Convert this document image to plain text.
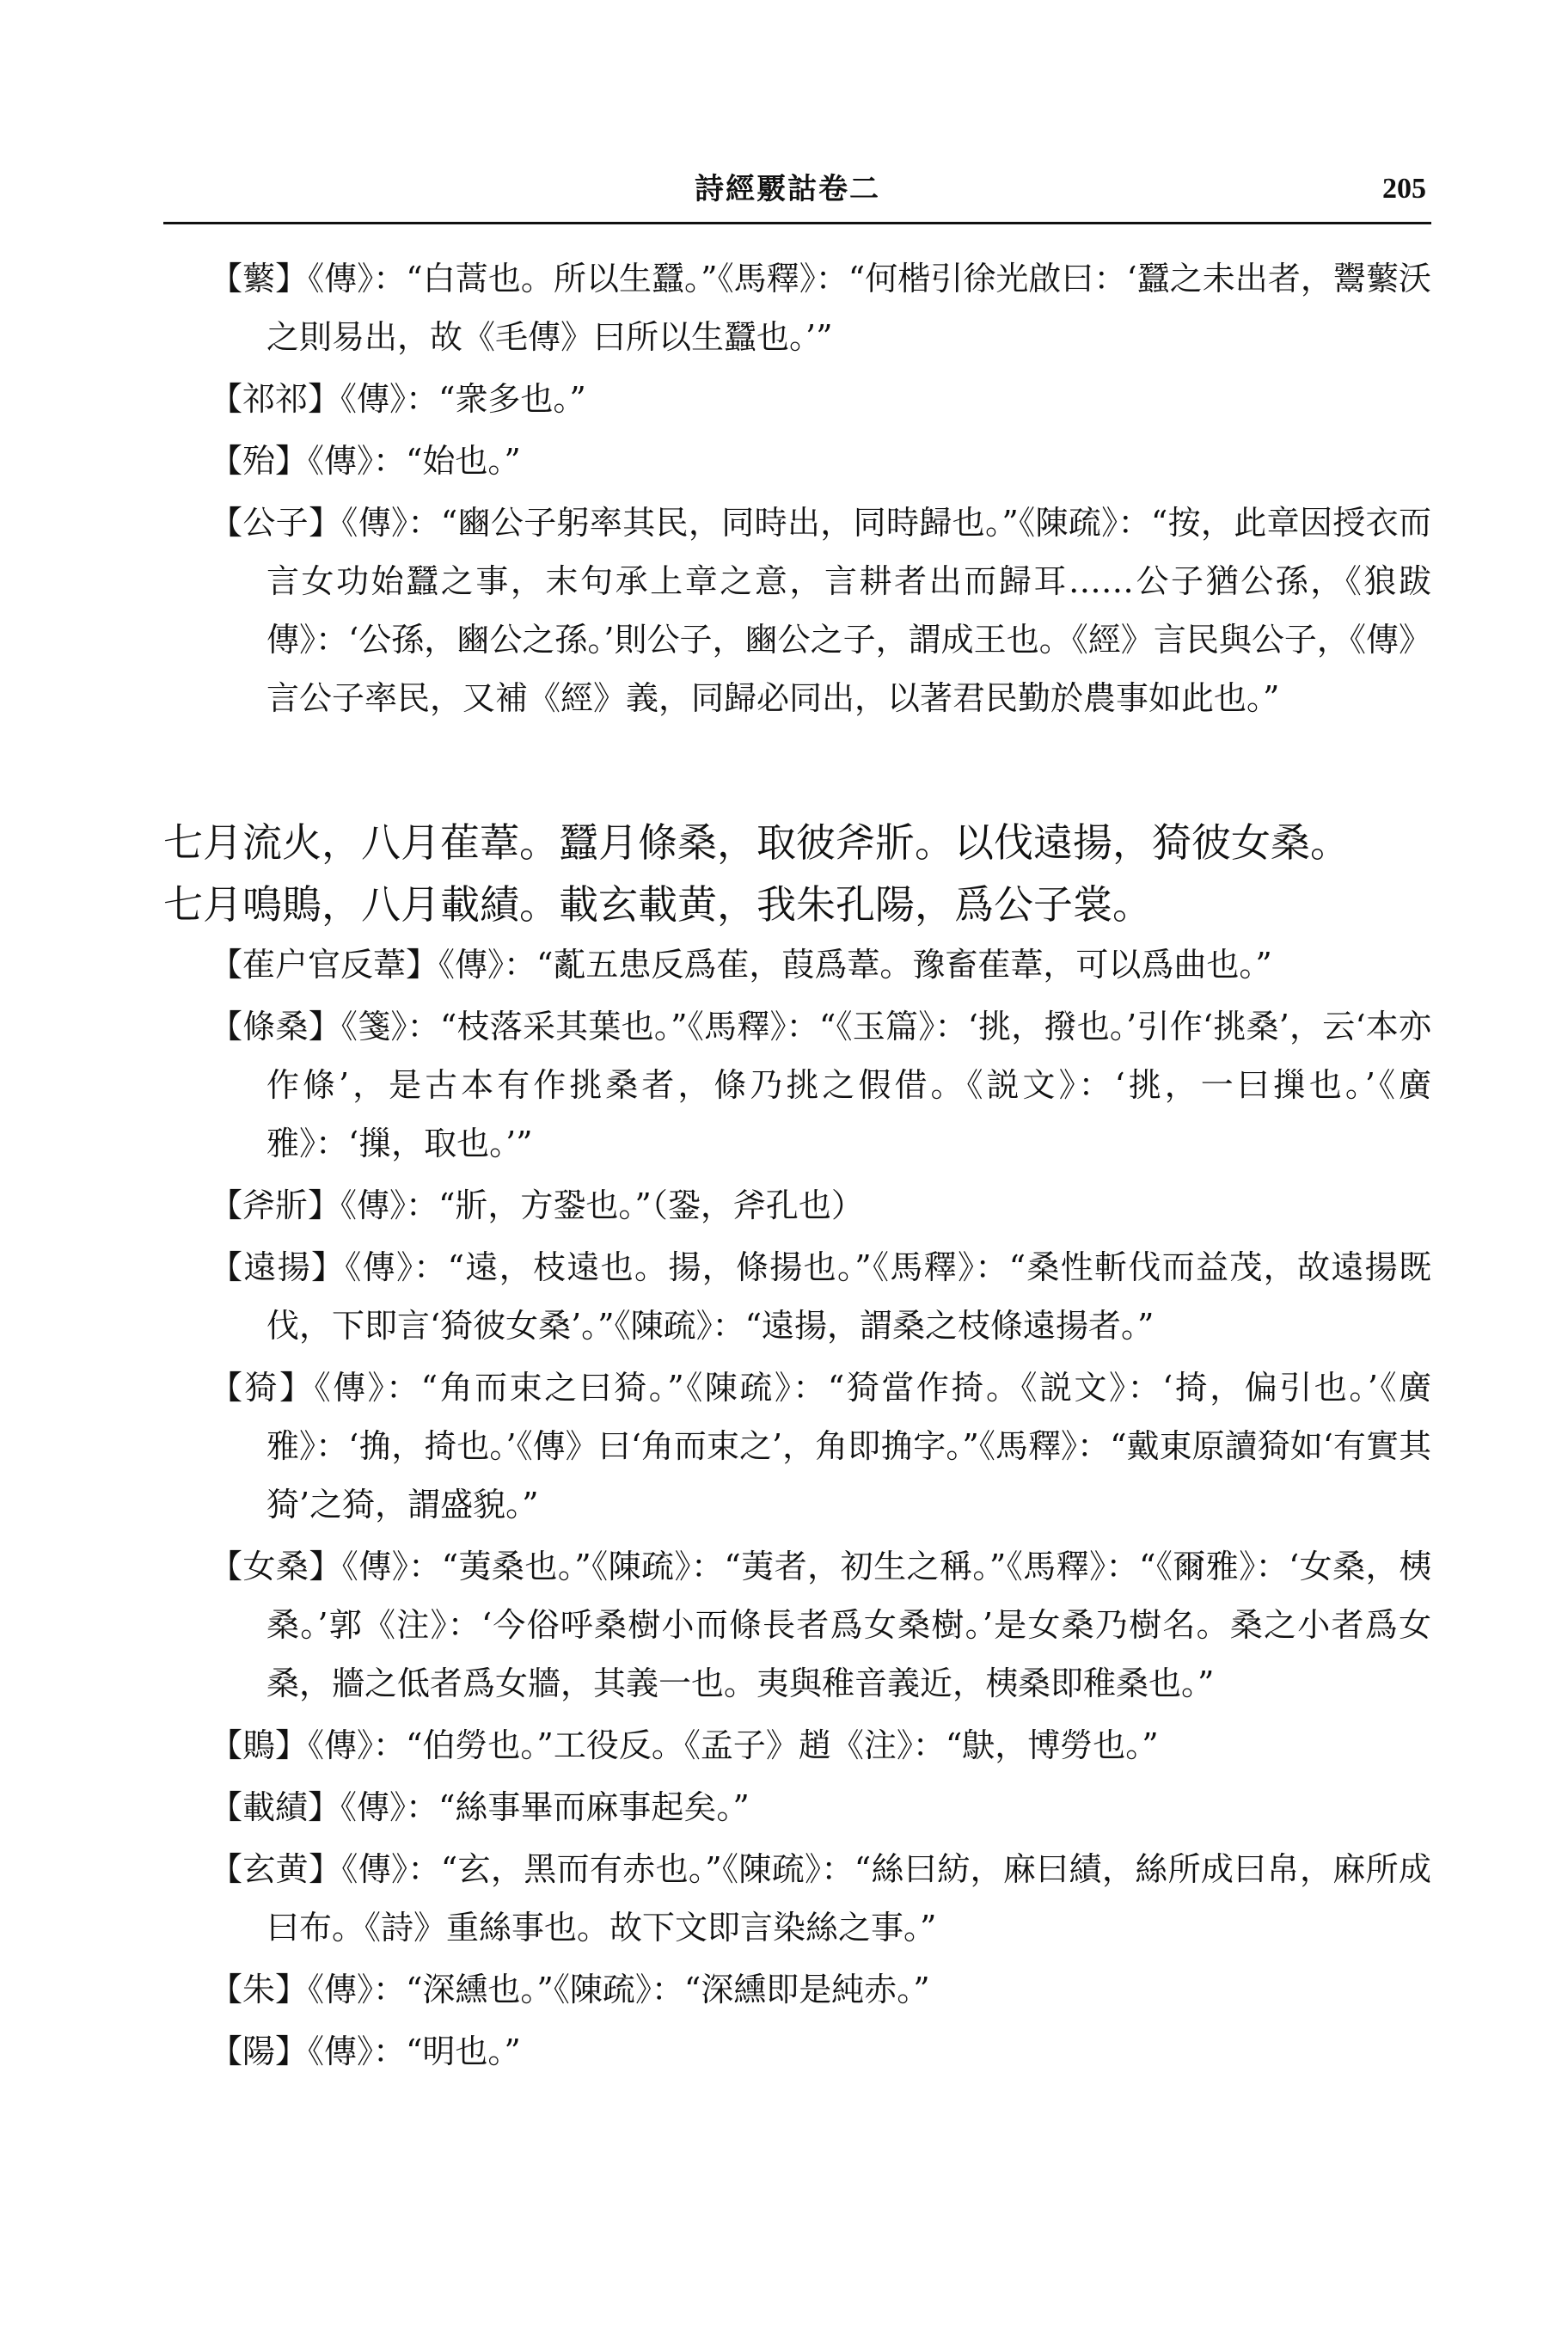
詩經覈詁卷二	205

【蘩】《傳》：“白蒿也。所以生蠶。”《馬釋》：“何楷引徐光啟曰：‘蠶之未出者，鬻蘩沃之則易出，故《毛傳》曰所以生蠶也。’”

【祁祁】《傳》：“衆多也。”

【殆】《傳》：“始也。”

【公子】《傳》：“豳公子躬率其民，同時出，同時歸也。”《陳疏》：“按，此章因授衣而言女功始蠶之事，末句承上章之意，言耕者出而歸耳……公子猶公孫，《狼跋傳》：‘公孫，豳公之孫。’則公子，豳公之子，謂成王也。《經》言民與公子，《傳》言公子率民，又補《經》義，同歸必同出，以著君民勤於農事如此也。”

七月流火，八月萑葦。蠶月條桑，取彼斧斨。以伐遠揚，猗彼女桑。

七月鳴鵙，八月載績。載玄載黄，我朱孔陽，爲公子裳。

【萑户官反葦】《傳》：“薍五患反爲萑，葭爲葦。豫畜萑葦，可以爲曲也。”

【條桑】《箋》：“枝落采其葉也。”《馬釋》：“《玉篇》：‘挑，撥也。’引作‘挑桑’，云‘本亦作條’，是古本有作挑桑者，條乃挑之假借。《説文》：‘挑，一曰摷也。’《廣雅》：‘摷，取也。’”

【斧斨】《傳》：“斨，方銎也。”（銎，斧孔也）

【遠揚】《傳》：“遠，枝遠也。揚，條揚也。”《馬釋》：“桑性斬伐而益茂，故遠揚既伐，下即言‘猗彼女桑’。”《陳疏》：“遠揚，謂桑之枝條遠揚者。”

【猗】《傳》：“角而束之曰猗。”《陳疏》：“猗當作掎。《説文》：‘掎，偏引也。’《廣雅》：‘捔，掎也。’《傳》曰‘角而束之’，角即捔字。”《馬釋》：“戴東原讀猗如‘有實其猗’之猗，謂盛貌。”

【女桑】《傳》：“荑桑也。”《陳疏》：“荑者，初生之稱。”《馬釋》：“《爾雅》：‘女桑，桋桑。’郭《注》：‘今俗呼桑樹小而條長者爲女桑樹。’是女桑乃樹名。桑之小者爲女桑，牆之低者爲女牆，其義一也。夷與稚音義近，桋桑即稚桑也。”

【鵙】《傳》：“伯勞也。”工役反。《孟子》趙《注》：“鴃，博勞也。”

【載績】《傳》：“絲事畢而麻事起矣。”

【玄黄】《傳》：“玄，黑而有赤也。”《陳疏》：“絲曰紡，麻曰績，絲所成曰帛，麻所成曰布。《詩》重絲事也。故下文即言染絲之事。”

【朱】《傳》：“深纁也。”《陳疏》：“深纁即是純赤。”

【陽】《傳》：“明也。”
